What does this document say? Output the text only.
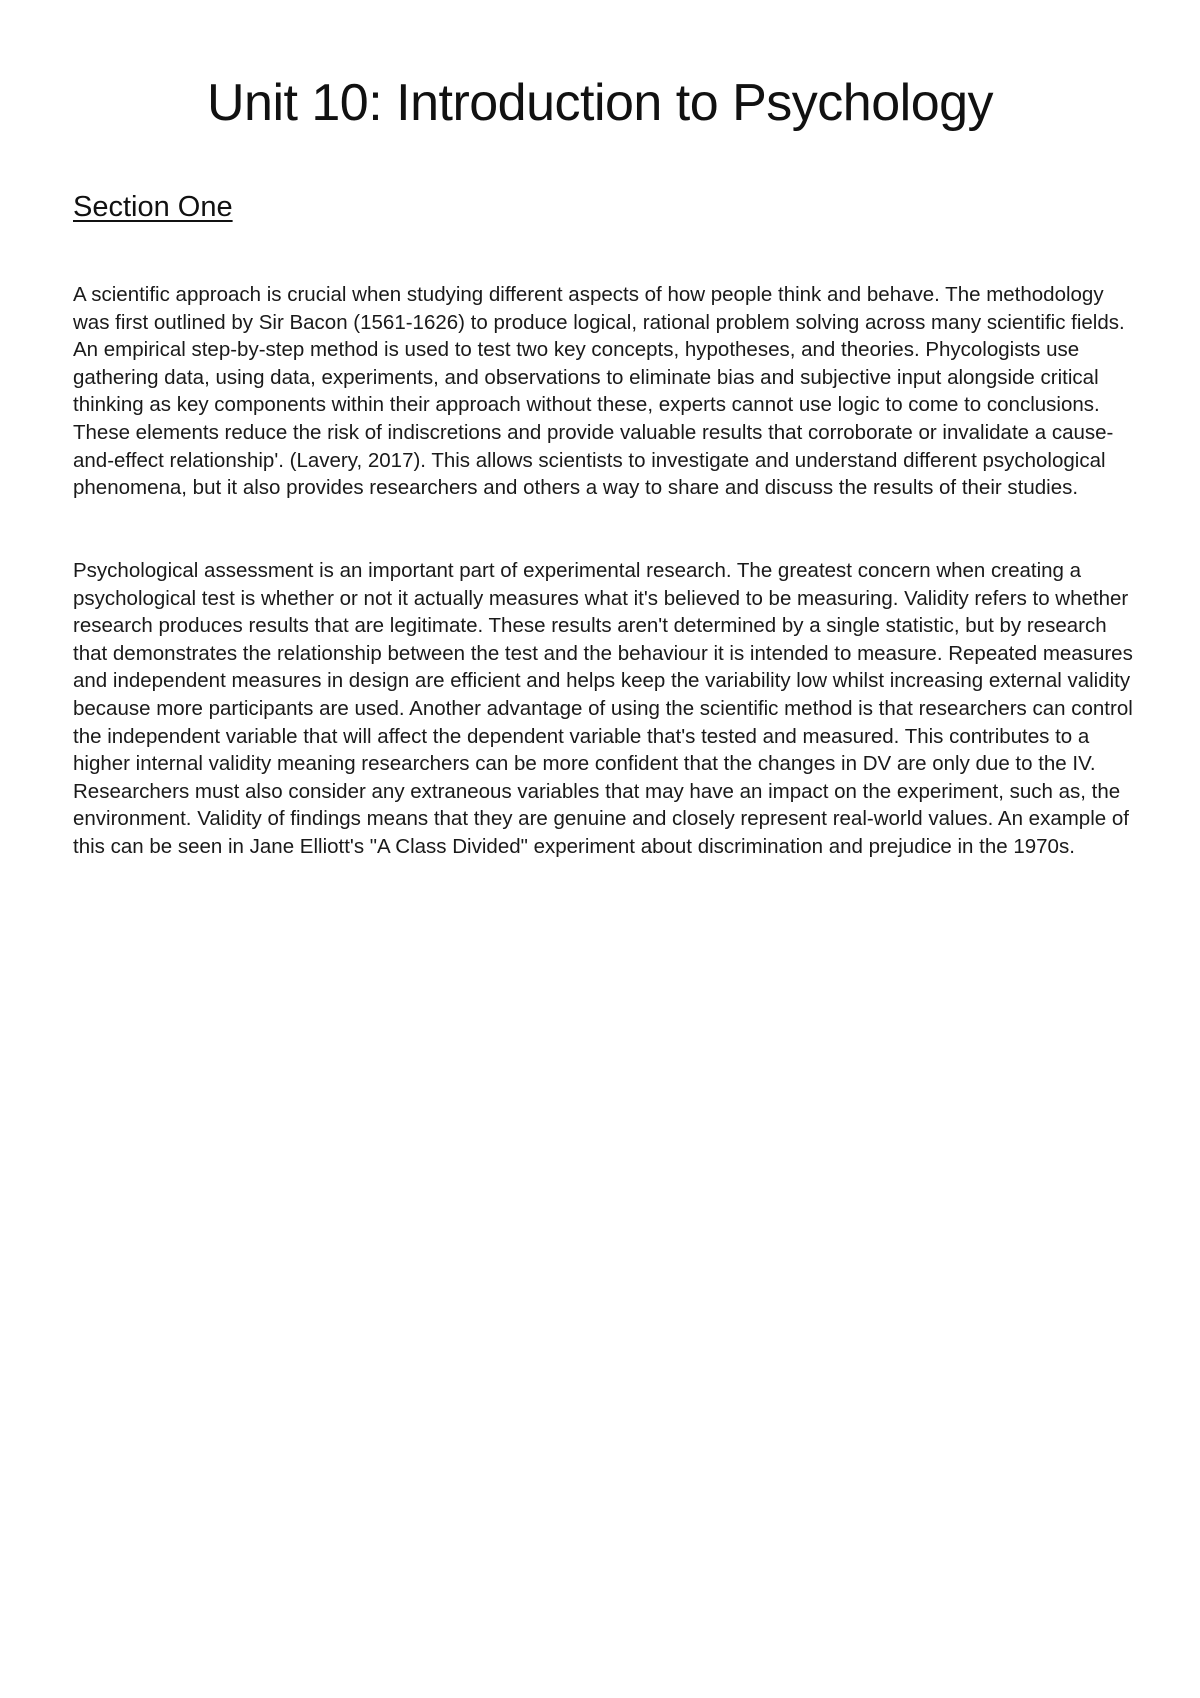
Unit 10: Introduction to Psychology
Section One

A scientific approach is crucial when studying different aspects of how people think and behave. The methodology was first outlined by Sir Bacon (1561-1626) to produce logical, rational problem solving across many scientific fields. An empirical step-by-step method is used to test two key concepts, hypotheses, and theories. Phycologists use gathering data, using data, experiments, and observations to eliminate bias and subjective input alongside critical thinking as key components within their approach without these, experts cannot use logic to come to conclusions. These elements reduce the risk of indiscretions and provide valuable results that corroborate or invalidate a cause-and-effect relationship'. (Lavery, 2017). This allows scientists to investigate and understand different psychological phenomena, but it also provides researchers and others a way to share and discuss the results of their studies.

Psychological assessment is an important part of experimental research. The greatest concern when creating a psychological test is whether or not it actually measures what it's believed to be measuring. Validity refers to whether research produces results that are legitimate. These results aren't determined by a single statistic, but by research that demonstrates the relationship between the test and the behaviour it is intended to measure. Repeated measures and independent measures in design are efficient and helps keep the variability low whilst increasing external validity because more participants are used. Another advantage of using the scientific method is that researchers can control the independent variable that will affect the dependent variable that's tested and measured. This contributes to a higher internal validity meaning researchers can be more confident that the changes in DV are only due to the IV. Researchers must also consider any extraneous variables that may have an impact on the experiment, such as, the environment. Validity of findings means that they are genuine and closely represent real-world values. An example of this can be seen in Jane Elliott's "A Class Divided" experiment about discrimination and prejudice in the 1970s.
